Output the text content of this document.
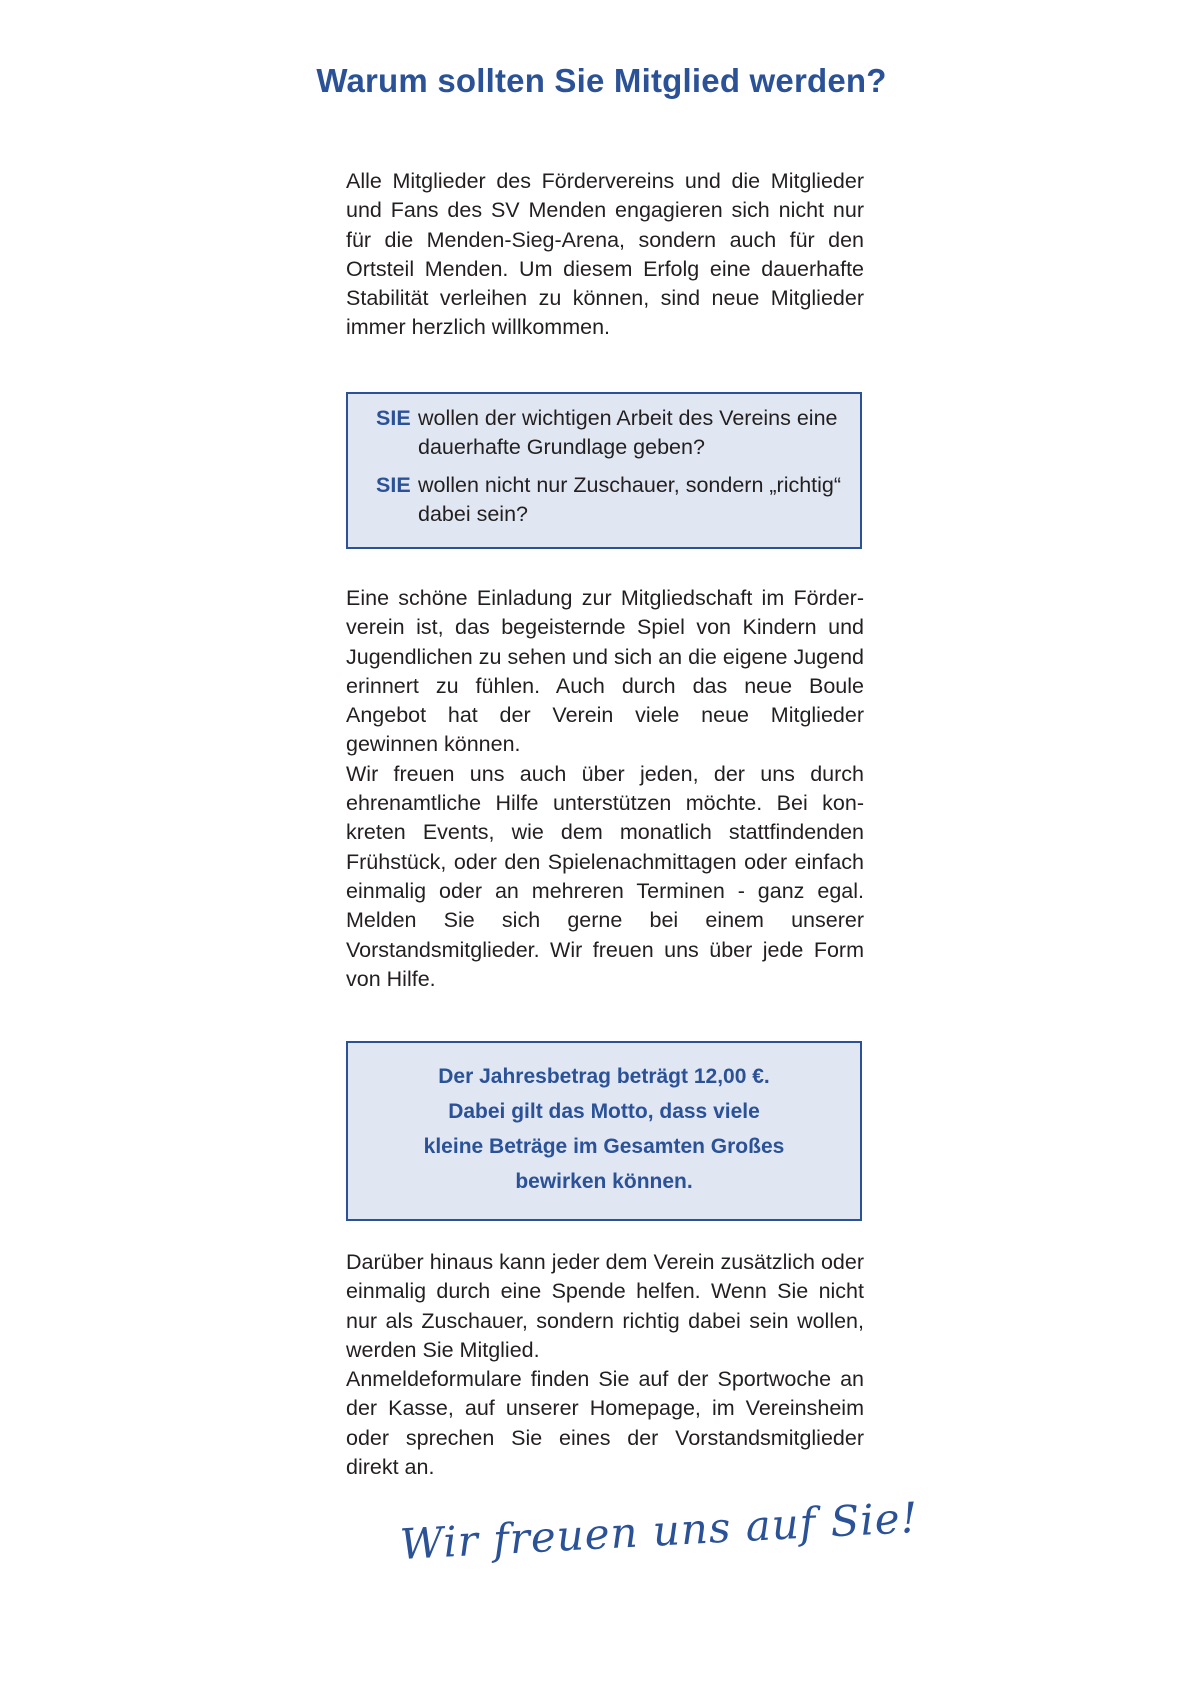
Warum sollten Sie Mitglied werden?

Alle Mitglieder des Fördervereins und die Mitglieder und Fans des SV Menden engagieren sich nicht nur für die Menden-Sieg-Arena, sondern auch für den Ortsteil Menden. Um diesem Erfolg eine dauerhafte Stabilität verleihen zu können, sind neue Mitglieder immer herzlich willkommen.

SIE wollen der wichtigen Arbeit des Vereins eine dauerhafte Grundlage geben?
SIE wollen nicht nur Zuschauer, sondern „richtig“ dabei sein?

Eine schöne Einladung zur Mitgliedschaft im Förderverein ist, das begeisternde Spiel von Kindern und Jugendlichen zu sehen und sich an die eigene Jugend erinnert zu fühlen. Auch durch das neue Boule Angebot hat der Verein viele neue Mitglieder gewinnen können.

Wir freuen uns auch über jeden, der uns durch ehrenamtliche Hilfe unterstützen möchte. Bei konkreten Events, wie dem monatlich stattfindenden Frühstück, oder den Spielenachmittagen oder einfach einmalig oder an mehreren Terminen - ganz egal. Melden Sie sich gerne bei einem unserer Vorstandsmitglieder. Wir freuen uns über jede Form von Hilfe.

Der Jahresbetrag beträgt 12,00 €.

Dabei gilt das Motto, dass viele

kleine Beträge im Gesamten Großes

bewirken können.

Darüber hinaus kann jeder dem Verein zusätzlich oder einmalig durch eine Spende helfen. Wenn Sie nicht nur als Zuschauer, sondern richtig dabei sein wollen, werden Sie Mitglied.

Anmeldeformulare finden Sie auf der Sportwoche an der Kasse, auf unserer Homepage, im Vereinsheim oder sprechen Sie eines der Vorstandsmitglieder direkt an.

Wir freuen uns auf Sie!
